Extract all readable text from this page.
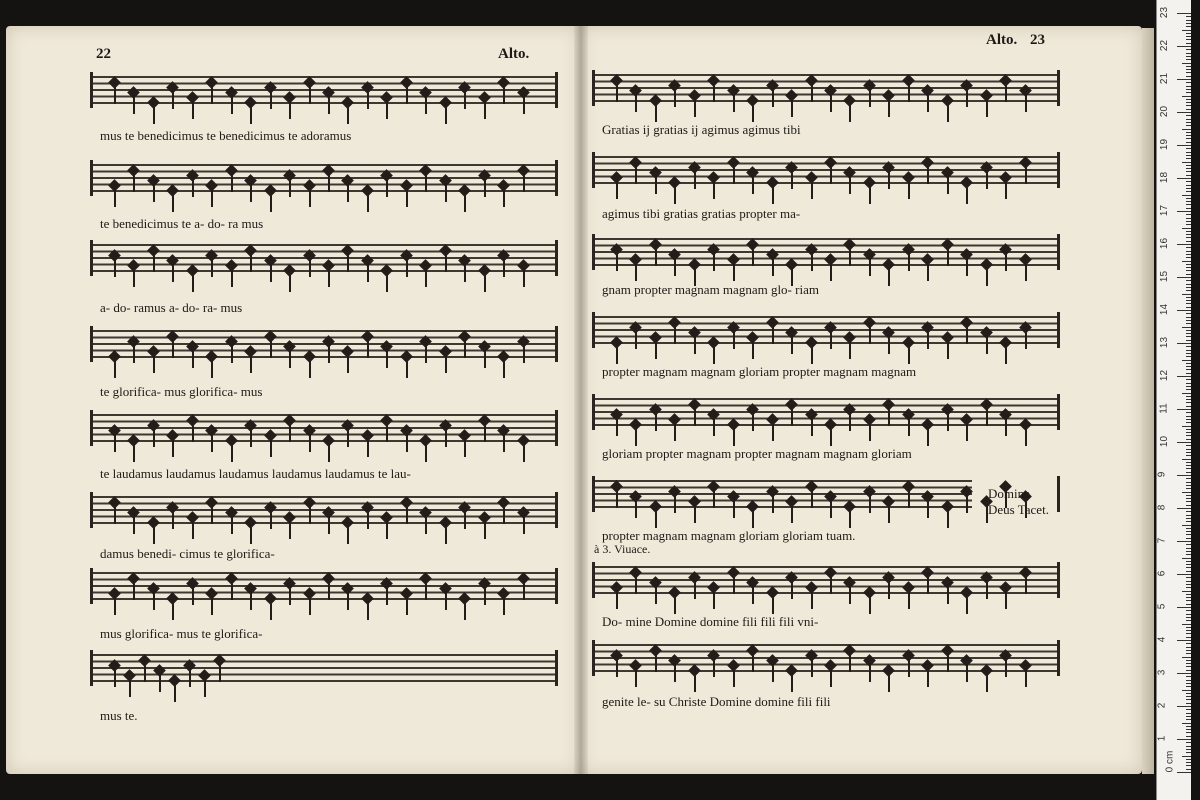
22	Alto.
Alto. 23
mus te benedicimus te benedicimus te adoramus
te benedicimus te a- do- ra mus
a- do- ramus a- do- ra- mus
te glorifica- mus glorifica- mus
te laudamus laudamus laudamus laudamus laudamus te lau-
damus benedi- cimus te glorifica-
mus glorifica- mus te glorifica-
mus te.
Gratias ij gratias ij agimus agimus tibi
agimus tibi gratias gratias propter ma-
gnam propter magnam magnam glo- riam
propter magnam magnam gloriam propter magnam magnam
gloriam propter magnam propter magnam magnam gloriam
propter magnam magnam gloriam gloriam tuam.
Do- mine Domine domine fili fili fili vni-
genite le- su Christe Domine domine fili fili
Domine
Deus Tacet.
à 3. Viuace.
1
2
3
4
5
6
7
8
9
10
11
12
13
14
15
16
17
18
19
20
21
22
23
0 cm
